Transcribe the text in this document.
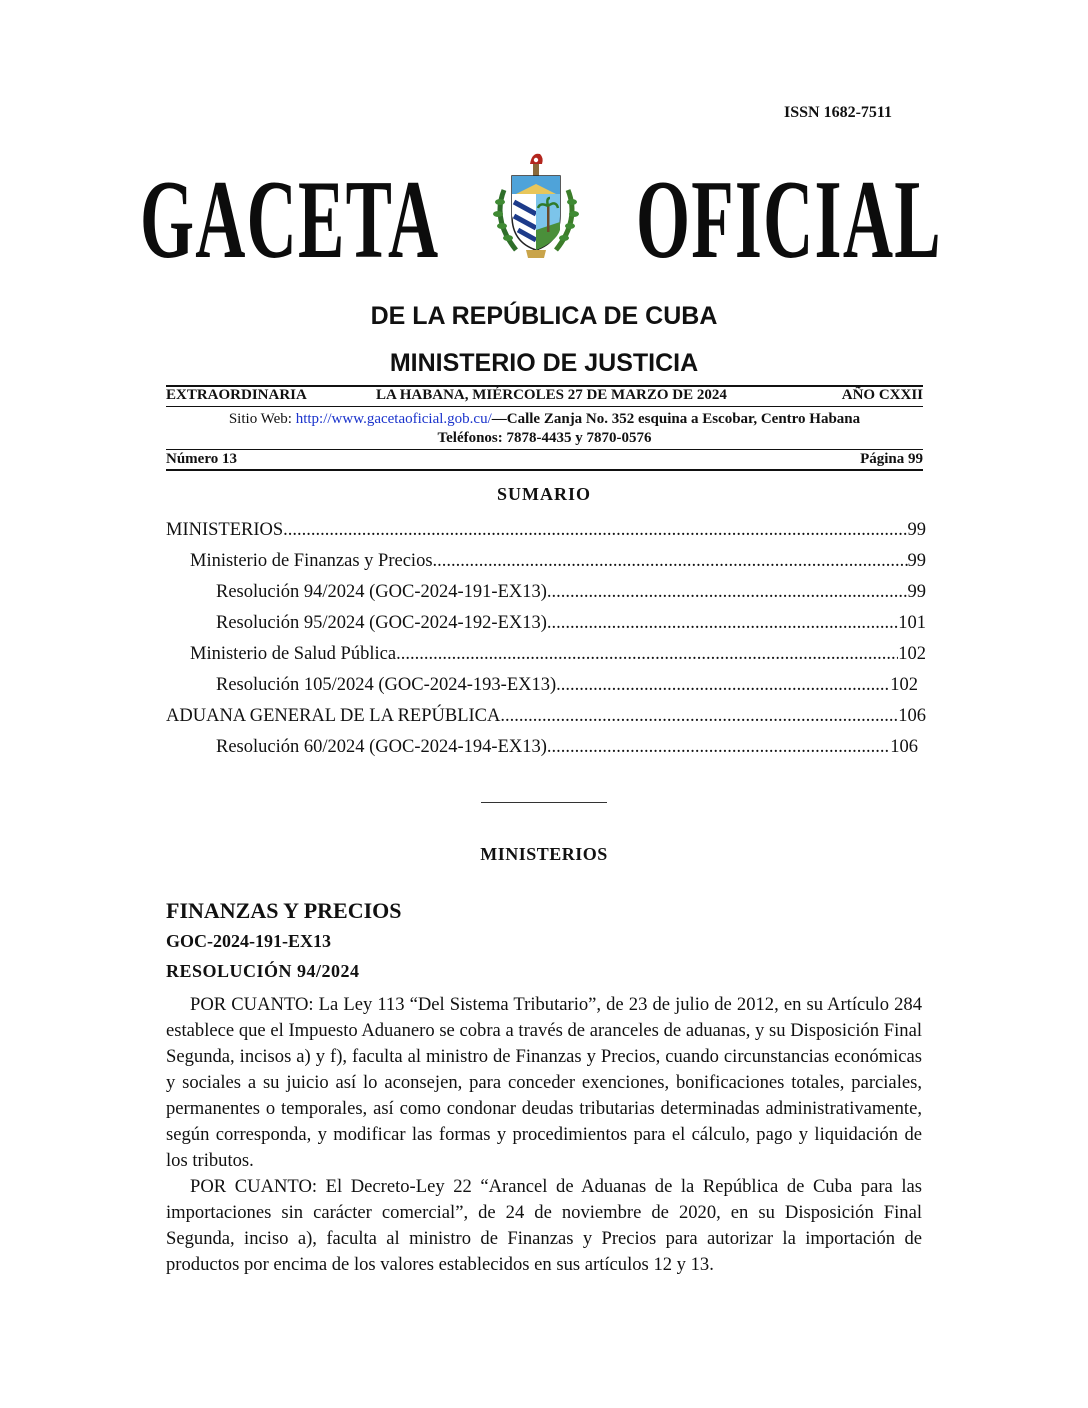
ISSN 1682-7511
GACETA OFICIAL
DE LA REPÚBLICA DE CUBA
MINISTERIO DE JUSTICIA
EXTRAORDINARIA	LA HABANA, MIÉRCOLES 27 DE MARZO DE 2024	AÑO CXXII
Sitio Web: http://www.gacetaoficial.gob.cu/—Calle Zanja No. 352 esquina a Escobar, Centro Habana
Teléfonos: 7878-4435 y 7870-0576
Número 13	Página 99
SUMARIO
MINISTERIOS .....	99
Ministerio de Finanzas y Precios .....	99
Resolución 94/2024 (GOC-2024-191-EX13) .....	99
Resolución 95/2024 (GOC-2024-192-EX13) .....	101
Ministerio de Salud Pública .....	102
Resolución 105/2024 (GOC-2024-193-EX13) .....	102
ADUANA GENERAL DE LA REPÚBLICA .....	106
Resolución 60/2024 (GOC-2024-194-EX13) .....	106
MINISTERIOS
FINANZAS Y PRECIOS
GOC-2024-191-EX13
RESOLUCIÓN 94/2024

POR CUANTO: La Ley 113 “Del Sistema Tributario”, de 23 de julio de 2012, en su Artículo 284 establece que el Impuesto Aduanero se cobra a través de aranceles de aduanas, y su Disposición Final Segunda, incisos a) y f), faculta al ministro de Finanzas y Precios, cuando circunstancias económicas y sociales a su juicio así lo aconsejen, para conceder exenciones, bonificaciones totales, parciales, permanentes o temporales, así como condonar deudas tributarias determinadas administrativamente, según corresponda, y modificar las formas y procedimientos para el cálculo, pago y liquidación de los tributos.

POR CUANTO: El Decreto-Ley 22 “Arancel de Aduanas de la República de Cuba para las importaciones sin carácter comercial”, de 24 de noviembre de 2020, en su Disposición Final Segunda, inciso a), faculta al ministro de Finanzas y Precios para autorizar la importación de productos por encima de los valores establecidos en sus artículos 12 y 13.
